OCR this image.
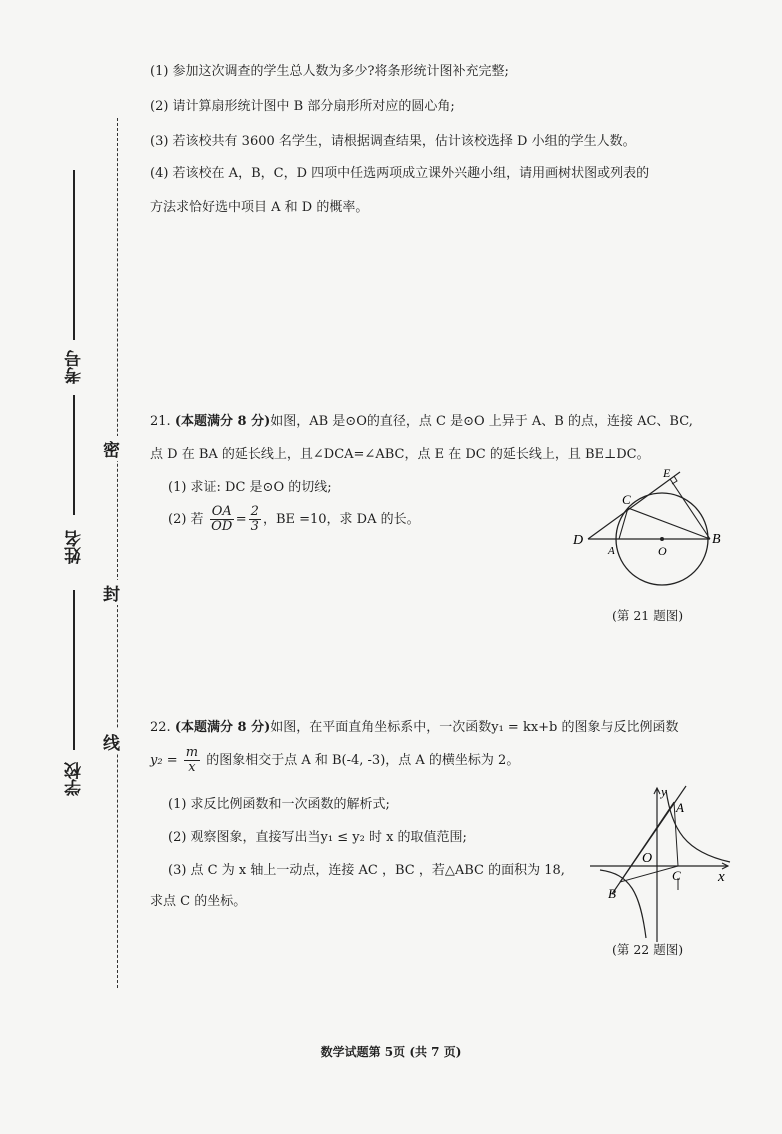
考号
姓名
学校
密
封
线
(1) 参加这次调查的学生总人数为多少?将条形统计图补充完整;
(2) 请计算扇形统计图中 B 部分扇形所对应的圆心角;
(3) 若该校共有 3600 名学生，请根据调查结果，估计该校选择 D 小组的学生人数。
(4) 若该校在 A，B，C，D 四项中任选两项成立课外兴趣小组，请用画树状图或列表的
方法求恰好选中项目 A 和 D 的概率。
21. (本题满分 8 分)如图，AB 是⊙O的直径，点 C 是⊙O 上异于 A、B 的点，连接 AC、BC,
点 D 在 BA 的延长线上，且∠DCA=∠ABC，点 E 在 DC 的延长线上，且 BE⊥DC。
(1) 求证: DC 是⊙O 的切线;
(2) 若 $\frac{OA}{OD} = \frac{2}{3}$ ，BE =10，求 DA 的长。
D
A	O
B
C
E
(第 21 题图)
22. (本题满分 8 分)如图，在平面直角坐标系中，一次函数y₁ = kx+b 的图象与反比例函数
$y_2 = \frac{m}{x}$ 的图象相交于点 A 和 B(-4, -3)，点 A 的横坐标为 2。
(1) 求反比例函数和一次函数的解析式;
(2) 观察图象，直接写出当y₁ ≤ y₂ 时 x 的取值范围;
(3) 点 C 为 x 轴上一动点，连接 AC ，BC ，若△ABC 的面积为 18,
求点 C 的坐标。
y
A
O
C x
B
(第 22 题图)
数学试题第 5页 (共 7 页)
